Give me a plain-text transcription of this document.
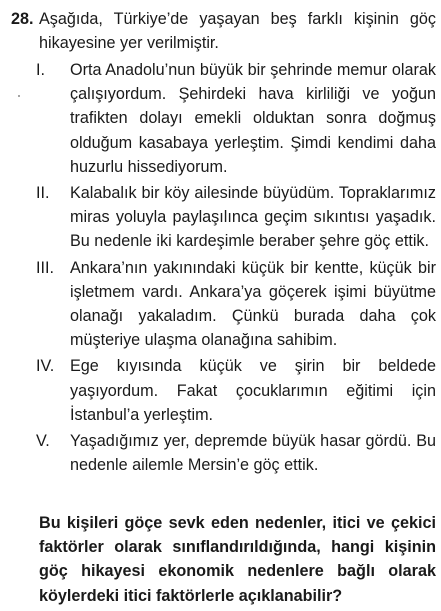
28. Aşağıda, Türkiye’de yaşayan beş farklı kişinin göç hikayesine yer verilmiştir.
I. Orta Anadolu’nun büyük bir şehrinde memur olarak çalışıyordum. Şehirdeki hava kirliliği ve yoğun trafikten dolayı emekli olduktan sonra doğmuş olduğum kasabaya yerleştim. Şimdi kendimi daha huzurlu hissediyorum.
II. Kalabalık bir köy ailesinde büyüdüm. Topraklarımız miras yoluyla paylaşılınca geçim sıkıntısı yaşadık. Bu nedenle iki kardeşimle beraber şehre göç ettik.
III. Ankara’nın yakınındaki küçük bir kentte, küçük bir işletmem vardı. Ankara’ya göçerek işimi büyütme olanağı yakaladım. Çünkü burada daha çok müşteriye ulaşma olanağına sahibim.
IV. Ege kıyısında küçük ve şirin bir beldede yaşıyordum. Fakat çocuklarımın eğitimi için İstanbul’a yerleştim.
V. Yaşadığımız yer, depremde büyük hasar gördü. Bu nedenle ailemle Mersin’e göç ettik.
Bu kişileri göçe sevk eden nedenler, itici ve çekici faktörler olarak sınıflandırıldığında, hangi kişinin göç hikayesi ekonomik nedenlere bağlı olarak köylerdeki itici faktörlerle açıklanabilir?
